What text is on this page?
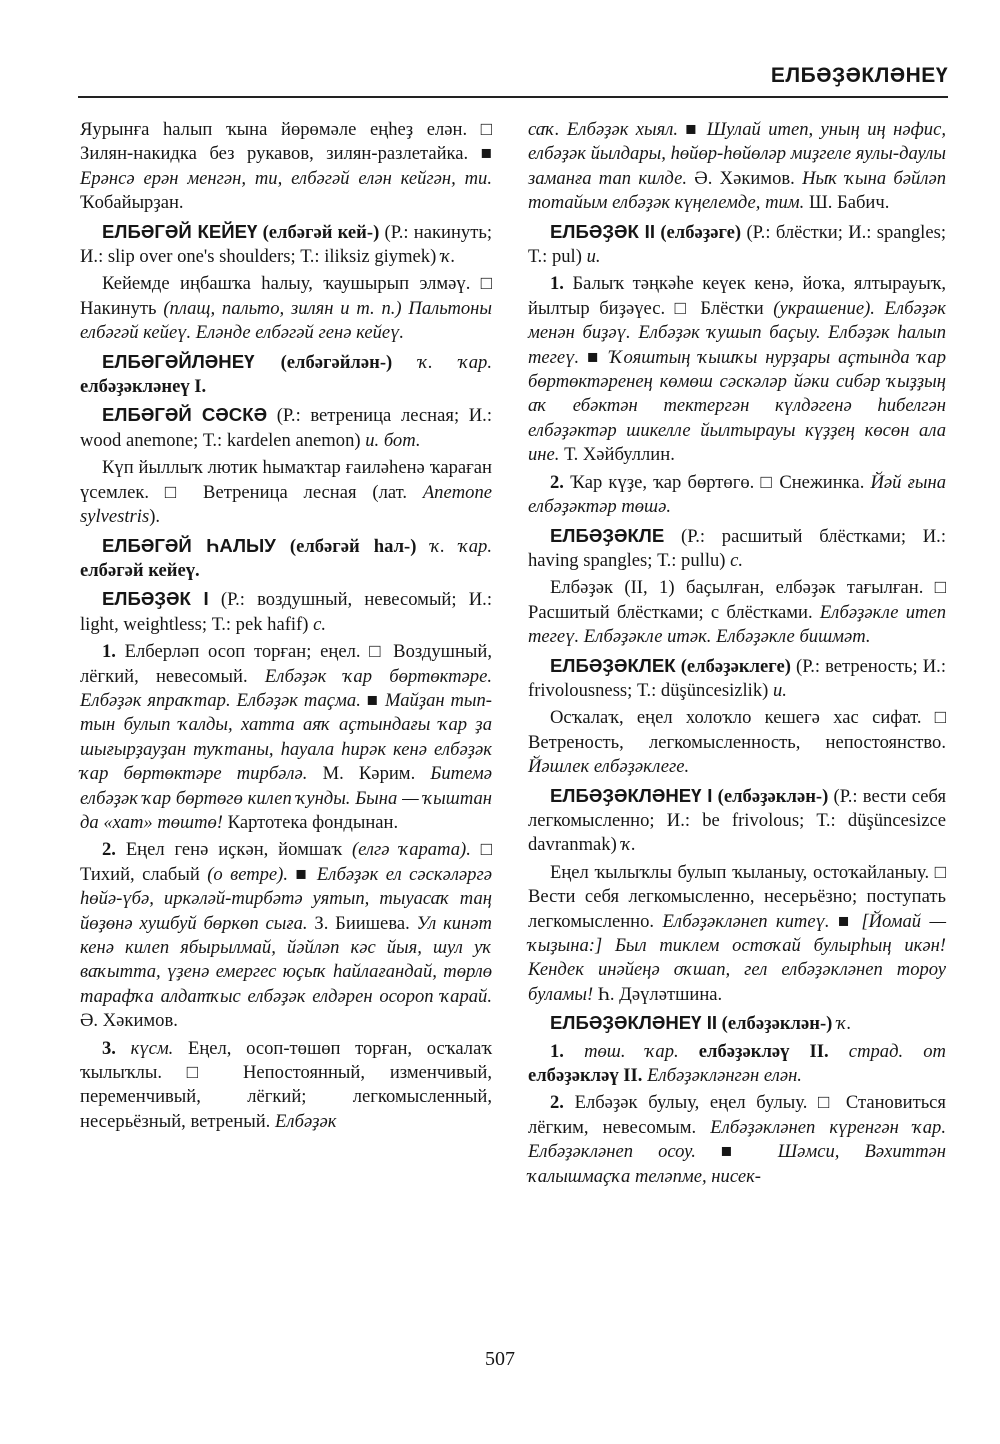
ЕЛБӘҘӘКЛӘНЕҮ

Яурынға һалып ҡына йөрөмәле еңһеҙ елән. □ Зилян-накидка без рукавов, зилян-разлетайка. ■ Ерәнсә ерән менгән, ти, елбәгәй елән кейгән, ти. Ҡобайырҙан.

ЕЛБӘГӘЙ КЕЙЕҮ (елбәгәй кей-) (Р.: накинуть; И.: slip over one's shoulders; Т.: iliksiz giymek) ҡ.

Кейемде иңбашҡа һалыу, ҡаушырып элмәү. □ Накинуть (плащ, пальто, зилян и т. п.) Пальтоны елбәгәй кейеү. Еләнде елбәгәй генә кейеү.

ЕЛБӘГӘЙЛӘНЕҮ (елбәгәйлән-) ҡ. ҡар. елбәҙәкләнеү I.

ЕЛБӘГӘЙ СӘСКӘ (Р.: ветреница лесная; И.: wood anemone; Т.: kardelen anemon) и. бот.

Күп йыллыҡ лютик һымаҡтар ғаиләһенә ҡараған үсемлек. □ Ветреница лесная (лат. Anemone sylvestris).

ЕЛБӘГӘЙ ҺАЛЫУ (елбәгәй һал-) ҡ. ҡар. елбәгәй кейеү.

ЕЛБӘҘӘК I (Р.: воздушный, невесомый; И.: light, weightless; Т.: pek hafif) с.

1. Елберләп осоп торған; еңел. □ Воздушный, лёгкий, невесомый. Елбәҙәк ҡар бөртөктәре. Елбәҙәк япраҡтар. Елбәҙәк таҫма. ■ Майҙан тып-тын булып ҡалды, хатта аяҡ аҫтындағы ҡар ҙа шығырҙауҙан туҡтаны, һауала һирәк кенә елбәҙәк ҡар бөртөктәре тирбәлә. М. Кәрим. Битемә елбәҙәк ҡар бөртөгө килеп ҡунды. Бына — ҡыштан да «хат» төштө! Картотека фондынан.

2. Еңел генә иҫкән, йомшаҡ (елгә ҡарата). □ Тихий, слабый (о ветре). ■ Елбәҙәк ел сәскәләргә һөйә-үбә, иркәләй-тирбәтә уятып, тыуасаҡ таң йөҙөнә хушбуй бөркөп сыға. З. Биишева. Ул кинәт кенә килеп ябырылмай, йәйләп кәс йыя, шул уҡ ваҡытта, үҙенә емергес юҫыҡ һайлағандай, төрлө тарафҡа алдатҡыс елбәҙәк елдәрен осороп ҡарай. Ә. Хәкимов.

3. күсм. Еңел, осоп-төшөп торған, осҡалаҡ ҡылыҡлы. □ Непостоянный, изменчивый, переменчивый, лёгкий; легкомысленный, несерьёзный, ветреный. Елбәҙәк

саҡ. Елбәҙәк хыял. ■ Шулай итеп, уның иң нәфис, елбәҙәк йылдары, һөйөр-һөйөләр миҙгеле яулы-даулы заманға тап килде. Ә. Хәкимов. Ныҡ ҡына бәйләп тотайым елбәҙәк күңелемде, тим. Ш. Бабич.

ЕЛБӘҘӘК II (елбәҙәге) (Р.: блёстки; И.: spangles; Т.: pul) и.

1. Балыҡ тәңкәһе кеүек кенә, йоҡа, ялтырауыҡ, йылтыр биҙәүес. □ Блёстки (украшение). Елбәҙәк менән биҙәү. Елбәҙәк ҡушып баҫыу. Елбәҙәк һалып тегеү. ■ Ҡояштың ҡышҡы нурҙары аҫтында ҡар бөртөктәренең көмөш сәскәләр йәки сибәр ҡыҙҙың аҡ ебәктән тектергән күлдәгенә һибелгән елбәҙәктәр шикелле йылтырауы күҙҙең көсөн ала ине. Т. Хәйбуллин.

2. Ҡар күҙе, ҡар бөртөгө. □ Снежинка. Йәй ғына елбәҙәктәр төшә.

ЕЛБӘҘӘКЛЕ (Р.: расшитый блёстками; И.: having spangles; Т.: pullu) с.

Елбәҙәк (II, 1) баҫылған, елбәҙәк тағылған. □ Расшитый блёстками; с блёстками. Елбәҙәкле итеп тегеү. Елбәҙәкле итәк. Елбәҙәкле бишмәт.

ЕЛБӘҘӘКЛЕК (елбәҙәклеге) (Р.: ветреность; И.: frivolousness; Т.: düşüncesizlik) и.

Осҡалаҡ, еңел холоҡло кешегә хас сифат. □ Ветреность, легкомысленность, непостоянство. Йәшлек елбәҙәклеге.

ЕЛБӘҘӘКЛӘНЕҮ I (елбәҙәклән-) (Р.: вести себя легкомысленно; И.: be frivolous; Т.: düşüncesizce davranmak) ҡ.

Еңел ҡылыҡлы булып ҡыланыу, остоҡайланыу. □ Вести себя легкомысленно, несерьёзно; поступать легкомысленно. Елбәҙәкләнеп китеү. ■ [Йомай — ҡыҙына:] Был тиклем остоҡай булырһың икән! Кендек инәйеңә оҡшап, гел елбәҙәкләнеп тороу буламы! Һ. Дәүләтшина.

ЕЛБӘҘӘКЛӘНЕҮ II (елбәҙәклән-) ҡ.

1. төш. ҡар. елбәҙәкләү II. страд. от елбәҙәкләү II. Елбәҙәкләнгән елән.

2. Елбәҙәк булыу, еңел булыу. □ Становиться лёгким, невесомым. Елбәҙәкләнеп күренгән ҡар. Елбәҙәкләнеп осоу. ■ Шәмси, Вәхиттән ҡалышмаҫҡа теләпме, нисек-

507
